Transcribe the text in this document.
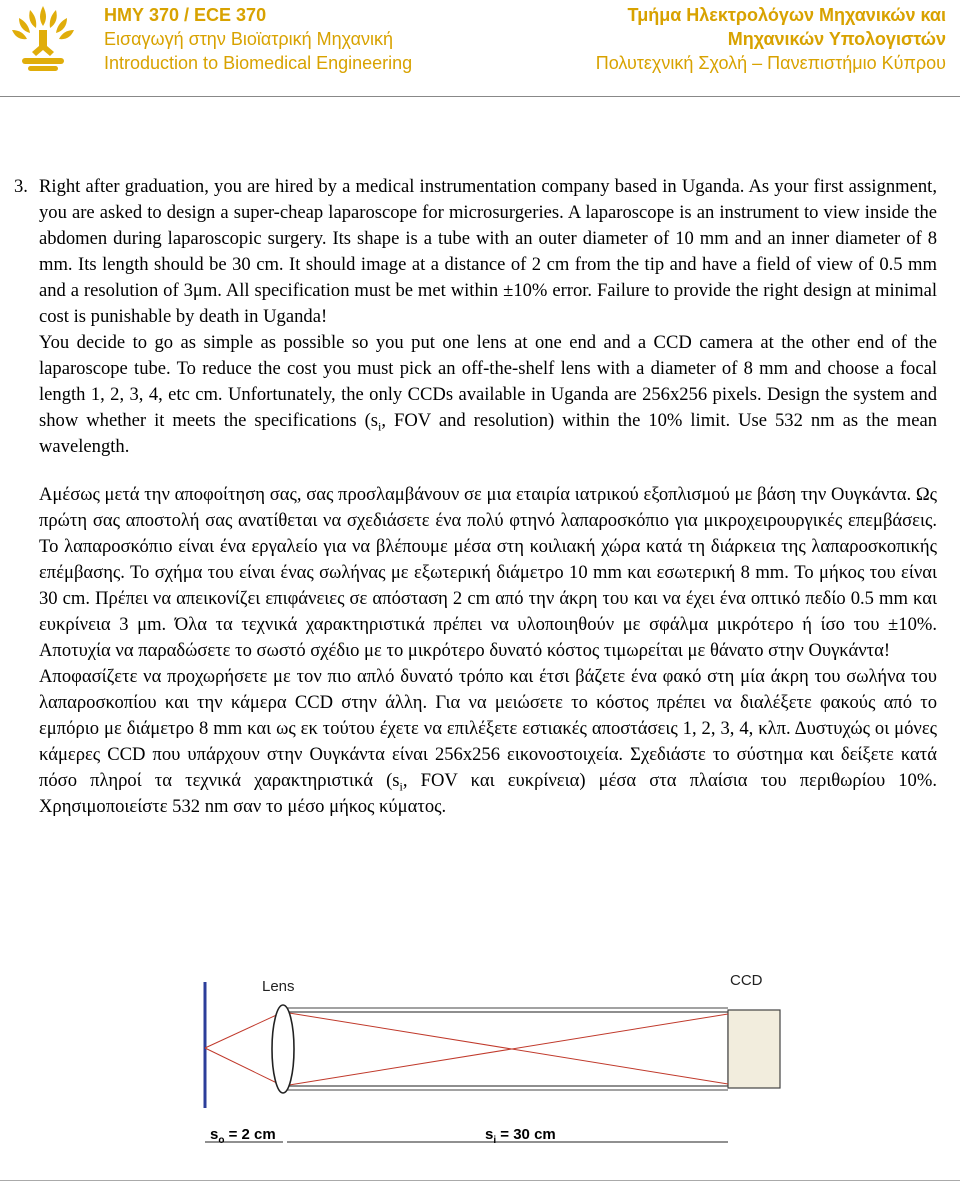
ΗΜΥ 370 / ECE 370
Εισαγωγή στην Βιοϊατρική Μηχανική
Introduction to Biomedical Engineering
Τμήμα Ηλεκτρολόγων Μηχανικών και
Μηχανικών Υπολογιστών
Πολυτεχνική Σχολή – Πανεπιστήμιο Κύπρου
3. Right after graduation, you are hired by a medical instrumentation company based in Uganda. As your first assignment, you are asked to design a super-cheap laparoscope for microsurgeries. A laparoscope is an instrument to view inside the abdomen during laparoscopic surgery. Its shape is a tube with an outer diameter of 10 mm and an inner diameter of 8 mm. Its length should be 30 cm. It should image at a distance of 2 cm from the tip and have a field of view of 0.5 mm and a resolution of 3μm. All specification must be met within ±10% error. Failure to provide the right design at minimal cost is punishable by death in Uganda!

You decide to go as simple as possible so you put one lens at one end and a CCD camera at the other end of the laparoscope tube. To reduce the cost you must pick an off-the-shelf lens with a diameter of 8 mm and choose a focal length 1, 2, 3, 4, etc cm. Unfortunately, the only CCDs available in Uganda are 256x256 pixels. Design the system and show whether it meets the specifications ($s_i$, FOV and resolution) within the 10% limit. Use 532 nm as the mean wavelength.

Αμέσως μετά την αποφοίτηση σας, σας προσλαμβάνουν σε μια εταιρία ιατρικού εξοπλισμού με βάση την Ουγκάντα. Ως πρώτη σας αποστολή σας ανατίθεται να σχεδιάσετε ένα πολύ φτηνό λαπαροσκόπιο για μικροχειρουργικές επεμβάσεις. Το λαπαροσκόπιο είναι ένα εργαλείο για να βλέπουμε μέσα στη κοιλιακή χώρα κατά τη διάρκεια της λαπαροσκοπικής επέμβασης. Το σχήμα του είναι ένας σωλήνας με εξωτερική διάμετρο 10 mm και εσωτερική 8 mm. Το μήκος του είναι 30 cm. Πρέπει να απεικονίζει επιφάνειες σε απόσταση 2 cm από την άκρη του και να έχει ένα οπτικό πεδίο 0.5 mm και ευκρίνεια 3 μm. Όλα τα τεχνικά χαρακτηριστικά πρέπει να υλοποιηθούν με σφάλμα μικρότερο ή ίσο του ±10%. Αποτυχία να παραδώσετε το σωστό σχέδιο με το μικρότερο δυνατό κόστος τιμωρείται με θάνατο στην Ουγκάντα!

Αποφασίζετε να προχωρήσετε με τον πιο απλό δυνατό τρόπο και έτσι βάζετε ένα φακό στη μία άκρη του σωλήνα του λαπαροσκοπίου και την κάμερα CCD στην άλλη. Για να μειώσετε το κόστος πρέπει να διαλέξετε φακούς από το εμπόριο με διάμετρο 8 mm και ως εκ τούτου έχετε να επιλέξετε εστιακές αποστάσεις 1, 2, 3, 4, κλπ. Δυστυχώς οι μόνες κάμερες CCD που υπάρχουν στην Ουγκάντα είναι 256x256 εικονοστοιχεία. Σχεδιάστε το σύστημα και δείξετε κατά πόσο πληροί τα τεχνικά χαρακτηριστικά ($s_i$, FOV και ευκρίνεια) μέσα στα πλαίσια του περιθωρίου 10%. Χρησιμοποιείστε 532 nm σαν το μέσο μήκος κύματος.

Lens	CCD
$s_o = 2$ cm	$s_i = 30$ cm
